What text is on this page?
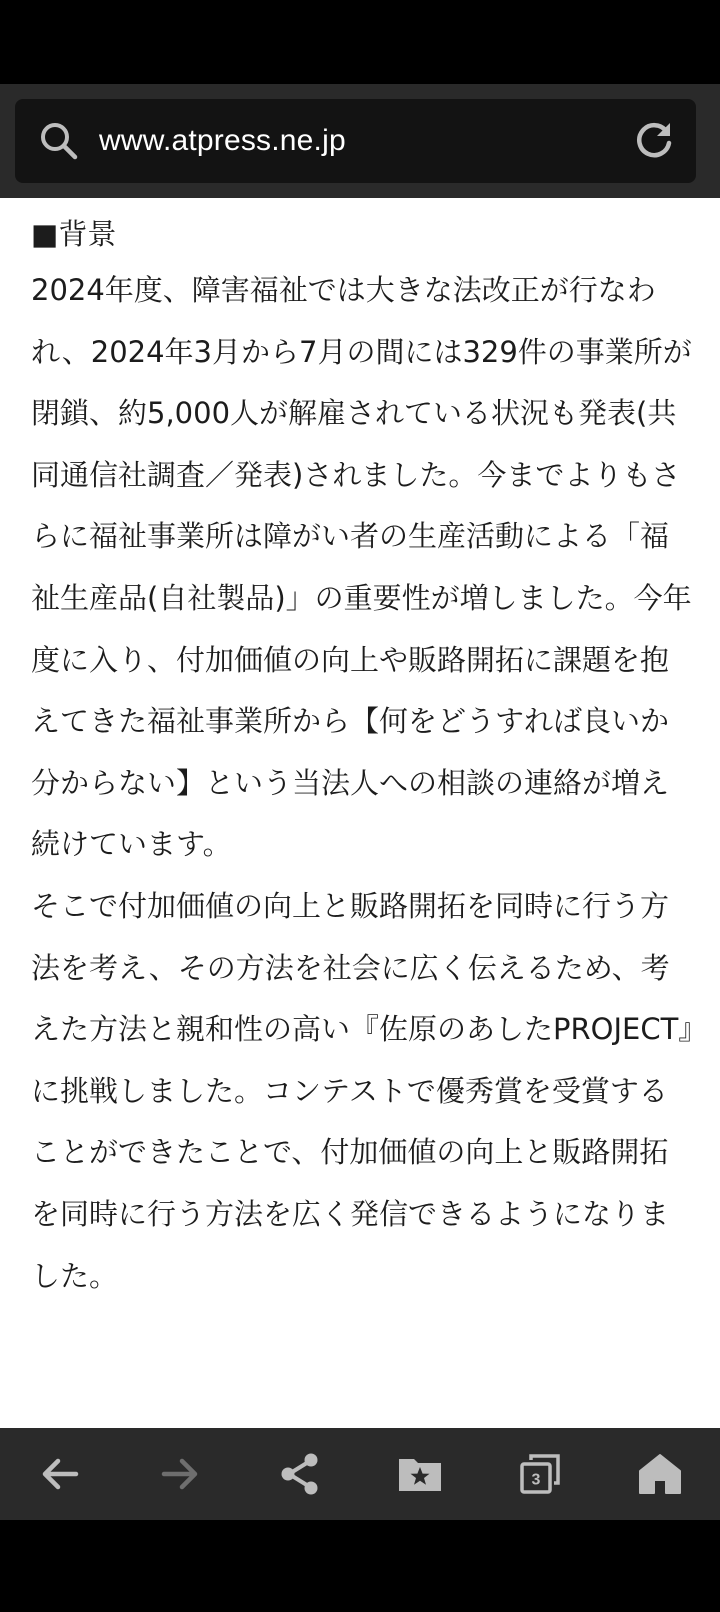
www.atpress.ne.jp

■背景

2024年度、障害福祉では大きな法改正が行なわれ、2024年3月から7月の間には329件の事業所が閉鎖、約5,000人が解雇されている状況も発表(共同通信社調査／発表)されました。今までよりもさらに福祉事業所は障がい者の生産活動による「福祉生産品(自社製品)」の重要性が増しました。今年度に入り、付加価値の向上や販路開拓に課題を抱えてきた福祉事業所から【何をどうすれば良いか分からない】という当法人への相談の連絡が増え続けています。

そこで付加価値の向上と販路開拓を同時に行う方法を考え、その方法を社会に広く伝えるため、考えた方法と親和性の高い『佐原のあしたPROJECT』に挑戦しました。コンテストで優秀賞を受賞することができたことで、付加価値の向上と販路開拓を同時に行う方法を広く発信できるようになりました。

3
